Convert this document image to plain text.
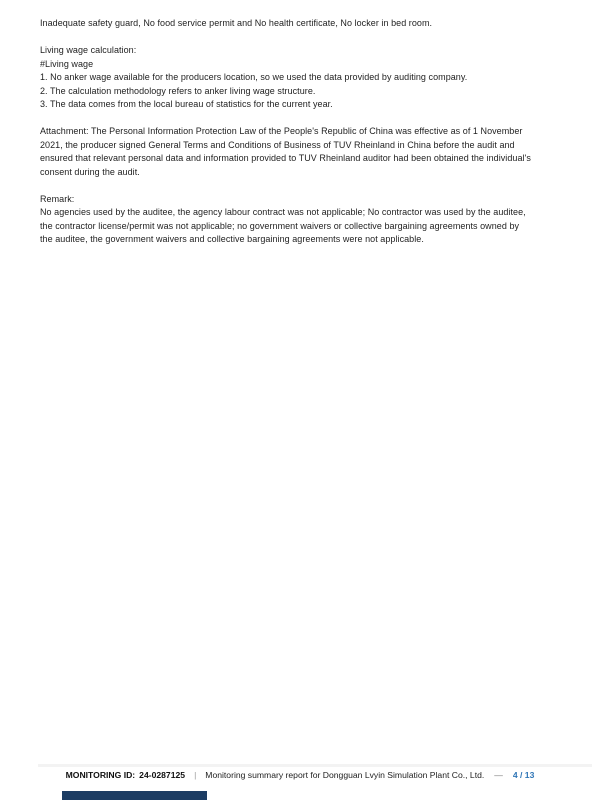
Inadequate safety guard, No food service permit and No health certificate, No locker in bed room.
Living wage calculation:
#Living wage
1. No anker wage available for the producers location, so we used the data provided by auditing company.
2. The calculation methodology refers to anker living wage structure.
3. The data comes from the local bureau of statistics for the current year.
Attachment: The Personal Information Protection Law of the People's Republic of China was effective as of 1 November
2021, the producer signed General Terms and Conditions of Business of TUV Rheinland in China before the audit and
ensured that relevant personal data and information provided to TUV Rheinland auditor had been obtained the individual's
consent during the audit.
Remark:
No agencies used by the auditee, the agency labour contract was not applicable; No contractor was used by the auditee,
the contractor license/permit was not applicable; no government waivers or collective bargaining agreements owned by
the auditee, the government waivers and collective bargaining agreements were not applicable.
MONITORING ID: 24-0287125 | Monitoring summary report for Dongguan Lvyin Simulation Plant Co., Ltd. — 4 / 13
